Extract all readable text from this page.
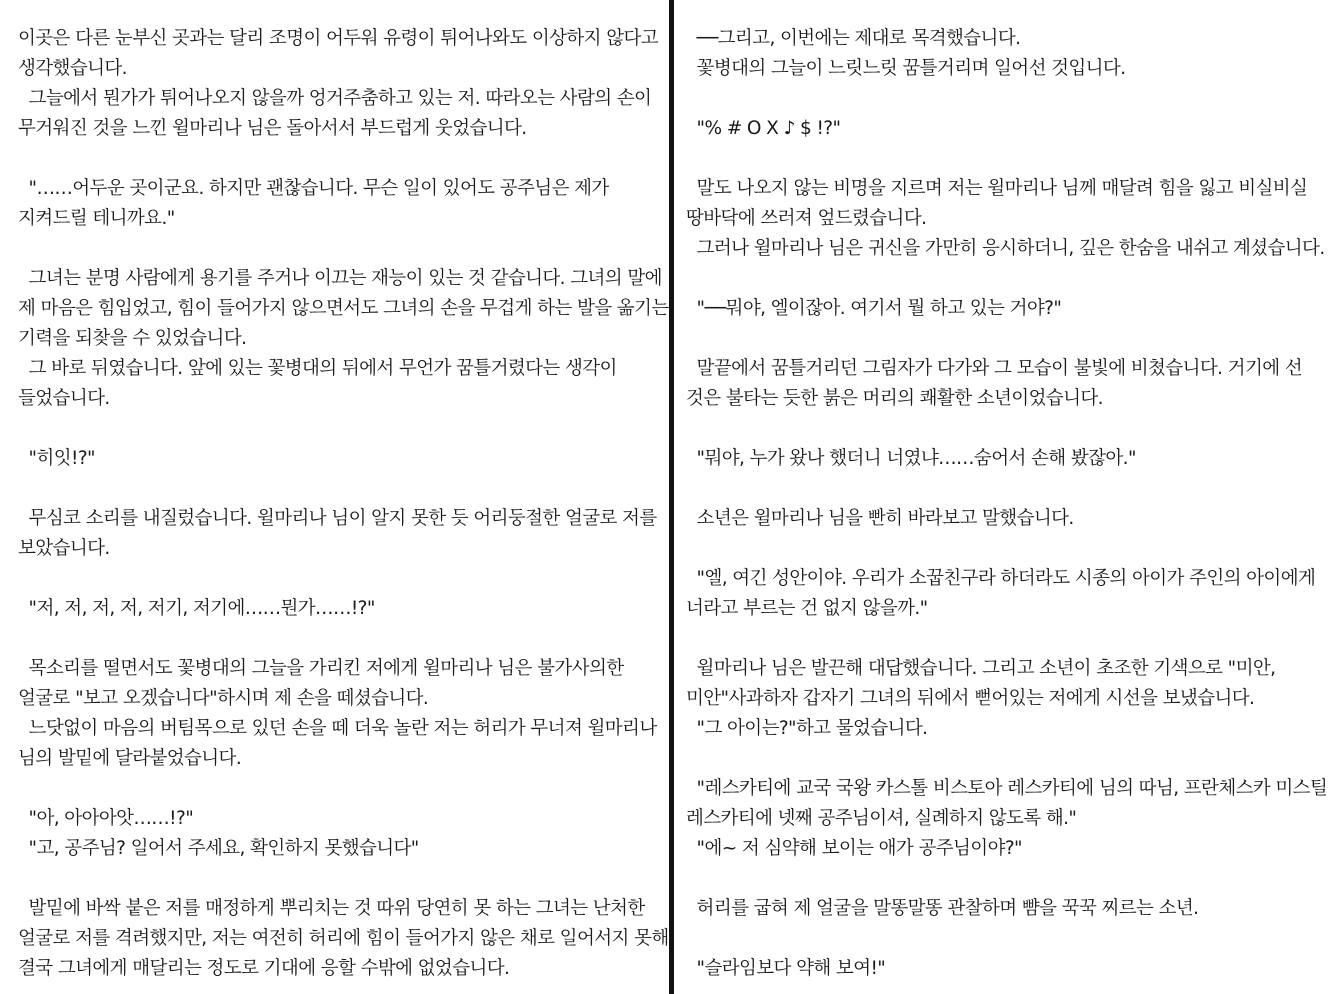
이곳은 다른 눈부신 곳과는 달리 조명이 어두워 유령이 튀어나와도 이상하지 않다고
생각했습니다.
그늘에서 뭔가가 튀어나오지 않을까 엉거주춤하고 있는 저. 따라오는 사람의 손이
무거워진 것을 느낀 윌마리나 님은 돌아서서 부드럽게 웃었습니다.
"……어두운 곳이군요. 하지만 괜찮습니다. 무슨 일이 있어도 공주님은 제가
지켜드릴 테니까요."
그녀는 분명 사람에게 용기를 주거나 이끄는 재능이 있는 것 같습니다. 그녀의 말에
제 마음은 힘입었고, 힘이 들어가지 않으면서도 그녀의 손을 무겁게 하는 발을 옮기는
기력을 되찾을 수 있었습니다.
그 바로 뒤였습니다. 앞에 있는 꽃병대의 뒤에서 무언가 꿈틀거렸다는 생각이
들었습니다.
"히잇!?"
무심코 소리를 내질렀습니다. 윌마리나 님이 알지 못한 듯 어리둥절한 얼굴로 저를
보았습니다.
"저, 저, 저, 저, 저기, 저기에……뭔가……!?"
목소리를 떨면서도 꽃병대의 그늘을 가리킨 저에게 윌마리나 님은 불가사의한
얼굴로 "보고 오겠습니다"하시며 제 손을 떼셨습니다.
느닷없이 마음의 버팀목으로 있던 손을 떼 더욱 놀란 저는 허리가 무너져 윌마리나
님의 발밑에 달라붙었습니다.
"아, 아아아앗……!?"
"고, 공주님? 일어서 주세요, 확인하지 못했습니다"
발밑에 바싹 붙은 저를 매정하게 뿌리치는 것 따위 당연히 못 하는 그녀는 난처한
얼굴로 저를 격려했지만, 저는 여전히 허리에 힘이 들어가지 않은 채로 일어서지 못해
결국 그녀에게 매달리는 정도로 기대에 응할 수밖에 없었습니다.
──그리고, 이번에는 제대로 목격했습니다.
꽃병대의 그늘이 느릿느릿 꿈틀거리며 일어선 것입니다.
"% # O X ♪ $ !?"
말도 나오지 않는 비명을 지르며 저는 윌마리나 님께 매달려 힘을 잃고 비실비실
땅바닥에 쓰러져 엎드렸습니다.
그러나 윌마리나 님은 귀신을 가만히 응시하더니, 깊은 한숨을 내쉬고 계셨습니다.
"──뭐야, 엘이잖아. 여기서 뭘 하고 있는 거야?"
말끝에서 꿈틀거리던 그림자가 다가와 그 모습이 불빛에 비쳤습니다. 거기에 선
것은 불타는 듯한 붉은 머리의 쾌활한 소년이었습니다.
"뭐야, 누가 왔나 했더니 너였냐……숨어서 손해 봤잖아."
소년은 윌마리나 님을 빤히 바라보고 말했습니다.
"엘, 여긴 성안이야. 우리가 소꿉친구라 하더라도 시종의 아이가 주인의 아이에게
너라고 부르는 건 없지 않을까."
윌마리나 님은 발끈해 대답했습니다. 그리고 소년이 초조한 기색으로 "미안,
미안"사과하자 갑자기 그녀의 뒤에서 뻗어있는 저에게 시선을 보냈습니다.
"그 아이는?"하고 물었습니다.
"레스카티에 교국 국왕 카스톨 비스토아 레스카티에 님의 따님, 프란체스카 미스틸
레스카티에 넷째 공주님이셔, 실례하지 않도록 해."
"에~ 저 심약해 보이는 애가 공주님이야?"
허리를 굽혀 제 얼굴을 말똥말똥 관찰하며 뺨을 꾹꾹 찌르는 소년.
"슬라임보다 약해 보여!"
